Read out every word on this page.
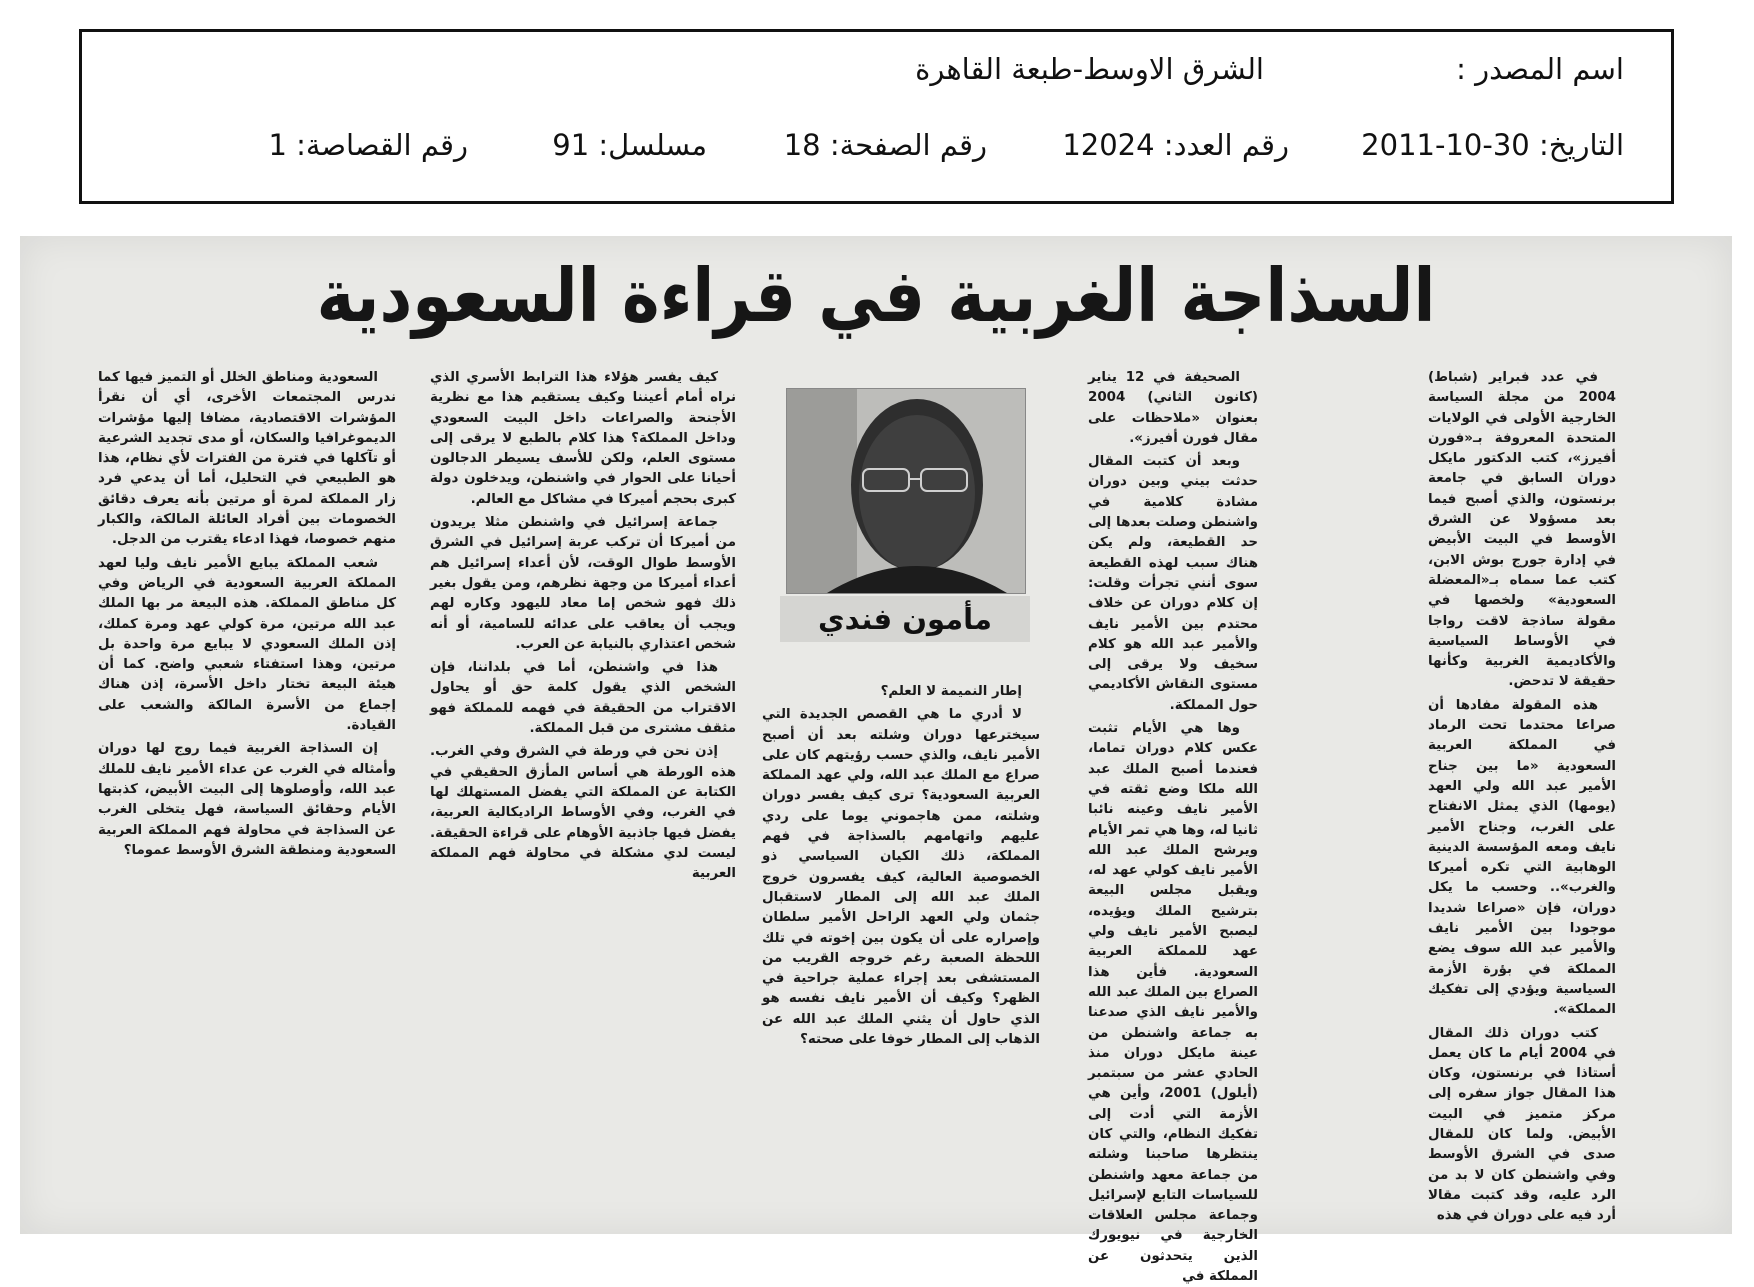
اسم المصدر :
الشرق الاوسط-طبعة القاهرة
التاريخ: 30-10-2011
رقم العدد: 12024
رقم الصفحة: 18
مسلسل: 91
رقم القصاصة: 1
السذاجة الغربية في قراءة السعودية

في عدد فبراير (شباط) 2004 من مجلة السياسة الخارجية الأولى في الولايات المتحدة المعروفة بـ«فورن أفيرز»، كتب الدكتور مايكل دوران السابق في جامعة برنستون، والذي أصبح فيما بعد مسؤولا عن الشرق الأوسط في البيت الأبيض في إدارة جورج بوش الابن، كتب عما سماه بـ«المعضلة السعودية» ولخصها في مقولة ساذجة لاقت رواجا في الأوساط السياسية والأكاديمية الغربية وكأنها حقيقة لا تدحض.

هذه المقولة مفادها أن صراعا محتدما تحت الرماد في المملكة العربية السعودية «ما بين جناح الأمير عبد الله ولي العهد (يومها) الذي يمثل الانفتاح على الغرب، وجناح الأمير نايف ومعه المؤسسة الدينية الوهابية التي تكره أميركا والغرب».. وحسب ما يكل دوران، فإن «صراعا شديدا موجودا بين الأمير نايف والأمير عبد الله سوف يضع المملكة في بؤرة الأزمة السياسية ويؤدي إلى تفكيك المملكة».

كتب دوران ذلك المقال في 2004 أيام ما كان يعمل أستاذا في برنستون، وكان هذا المقال جواز سفره إلى مركز متميز في البيت الأبيض. ولما كان للمقال صدى في الشرق الأوسط وفي واشنطن كان لا بد من الرد عليه، وقد كتبت مقالا أرد فيه على دوران في هذه

الصحيفة في 12 يناير (كانون الثاني) 2004 بعنوان «ملاحظات على مقال فورن أفيرز».

وبعد أن كتبت المقال حدثت بيني وبين دوران مشادة كلامية في واشنطن وصلت بعدها إلى حد القطيعة، ولم يكن هناك سبب لهذه القطيعة سوى أنني تجرأت وقلت: إن كلام دوران عن خلاف محتدم بين الأمير نايف والأمير عبد الله هو كلام سخيف ولا يرقى إلى مستوى النقاش الأكاديمي حول المملكة.

وها هي الأيام تثبت عكس كلام دوران تماما، فعندما أصبح الملك عبد الله ملكا وضع ثقته في الأمير نايف وعينه نائبا ثانيا له، وها هي تمر الأيام ويرشح الملك عبد الله الأمير نايف كولي عهد له، ويقبل مجلس البيعة بترشيح الملك ويؤيده، ليصبح الأمير نايف ولي عهد للمملكة العربية السعودية. فأين هذا الصراع بين الملك عبد الله والأمير نايف الذي صدعنا به جماعة واشنطن من عينة مايكل دوران منذ الحادي عشر من سبتمبر (أيلول) 2001، وأين هي الأزمة التي أدت إلى تفكيك النظام، والتي كان ينتظرها صاحبنا وشلته من جماعة معهد واشنطن للسياسات التابع لإسرائيل وجماعة مجلس العلاقات الخارجية في نيويورك الذين يتحدثون عن المملكة في

مأمون فندي

إطار النميمة لا العلم؟

لا أدري ما هي القصص الجديدة التي سيخترعها دوران وشلته بعد أن أصبح الأمير نايف، والذي حسب رؤيتهم كان على صراع مع الملك عبد الله، ولي عهد المملكة العربية السعودية؟ ترى كيف يفسر دوران وشلته، ممن هاجموني يوما على ردي عليهم واتهامهم بالسذاجة في فهم المملكة، ذلك الكيان السياسي ذو الخصوصية العالية، كيف يفسرون خروج الملك عبد الله إلى المطار لاستقبال جثمان ولي العهد الراحل الأمير سلطان وإصراره على أن يكون بين إخوته في تلك اللحظة الصعبة رغم خروجه القريب من المستشفى بعد إجراء عملية جراحية في الظهر؟ وكيف أن الأمير نايف نفسه هو الذي حاول أن يثني الملك عبد الله عن الذهاب إلى المطار خوفا على صحته؟

كيف يفسر هؤلاء هذا الترابط الأسري الذي نراه أمام أعيننا وكيف يستقيم هذا مع نظرية الأجنحة والصراعات داخل البيت السعودي وداخل المملكة؟ هذا كلام بالطبع لا يرقى إلى مستوى العلم، ولكن للأسف يسيطر الدجالون أحيانا على الحوار في واشنطن، ويدخلون دولة كبرى بحجم أميركا في مشاكل مع العالم.

جماعة إسرائيل في واشنطن مثلا يريدون من أميركا أن تركب عربة إسرائيل في الشرق الأوسط طوال الوقت، لأن أعداء إسرائيل هم أعداء أميركا من وجهة نظرهم، ومن يقول بغير ذلك فهو شخص إما معاد لليهود وكاره لهم ويجب أن يعاقب على عدائه للسامية، أو أنه شخص اعتذاري بالنيابة عن العرب.

هذا في واشنطن، أما في بلداننا، فإن الشخص الذي يقول كلمة حق أو يحاول الاقتراب من الحقيقة في فهمه للمملكة فهو مثقف مشترى من قبل المملكة.

إذن نحن في ورطة في الشرق وفي الغرب. هذه الورطة هي أساس المأزق الحقيقي في الكتابة عن المملكة التي يفضل المستهلك لها في الغرب، وفي الأوساط الراديكالية العربية، يفضل فيها جاذبية الأوهام على قراءة الحقيقة. ليست لدي مشكلة في محاولة فهم المملكة العربية

السعودية ومناطق الخلل أو التميز فيها كما ندرس المجتمعات الأخرى، أي أن نقرأ المؤشرات الاقتصادية، مضافا إليها مؤشرات الديموغرافيا والسكان، أو مدى تجديد الشرعية أو تآكلها في فترة من الفترات لأي نظام، هذا هو الطبيعي في التحليل، أما أن يدعي فرد زار المملكة لمرة أو مرتين بأنه يعرف دقائق الخصومات بين أفراد العائلة المالكة، والكبار منهم خصوصا، فهذا ادعاء يقترب من الدجل.

شعب المملكة يبايع الأمير نايف وليا لعهد المملكة العربية السعودية في الرياض وفي كل مناطق المملكة. هذه البيعة مر بها الملك عبد الله مرتين، مرة كولي عهد ومرة كملك، إذن الملك السعودي لا يبايع مرة واحدة بل مرتين، وهذا استفتاء شعبي واضح. كما أن هيئة البيعة تختار داخل الأسرة، إذن هناك إجماع من الأسرة المالكة والشعب على القيادة.

إن السذاجة الغربية فيما روج لها دوران وأمثاله في الغرب عن عداء الأمير نايف للملك عبد الله، وأوصلوها إلى البيت الأبيض، كذبتها الأيام وحقائق السياسة، فهل يتخلى الغرب عن السذاجة في محاولة فهم المملكة العربية السعودية ومنطقة الشرق الأوسط عموما؟
